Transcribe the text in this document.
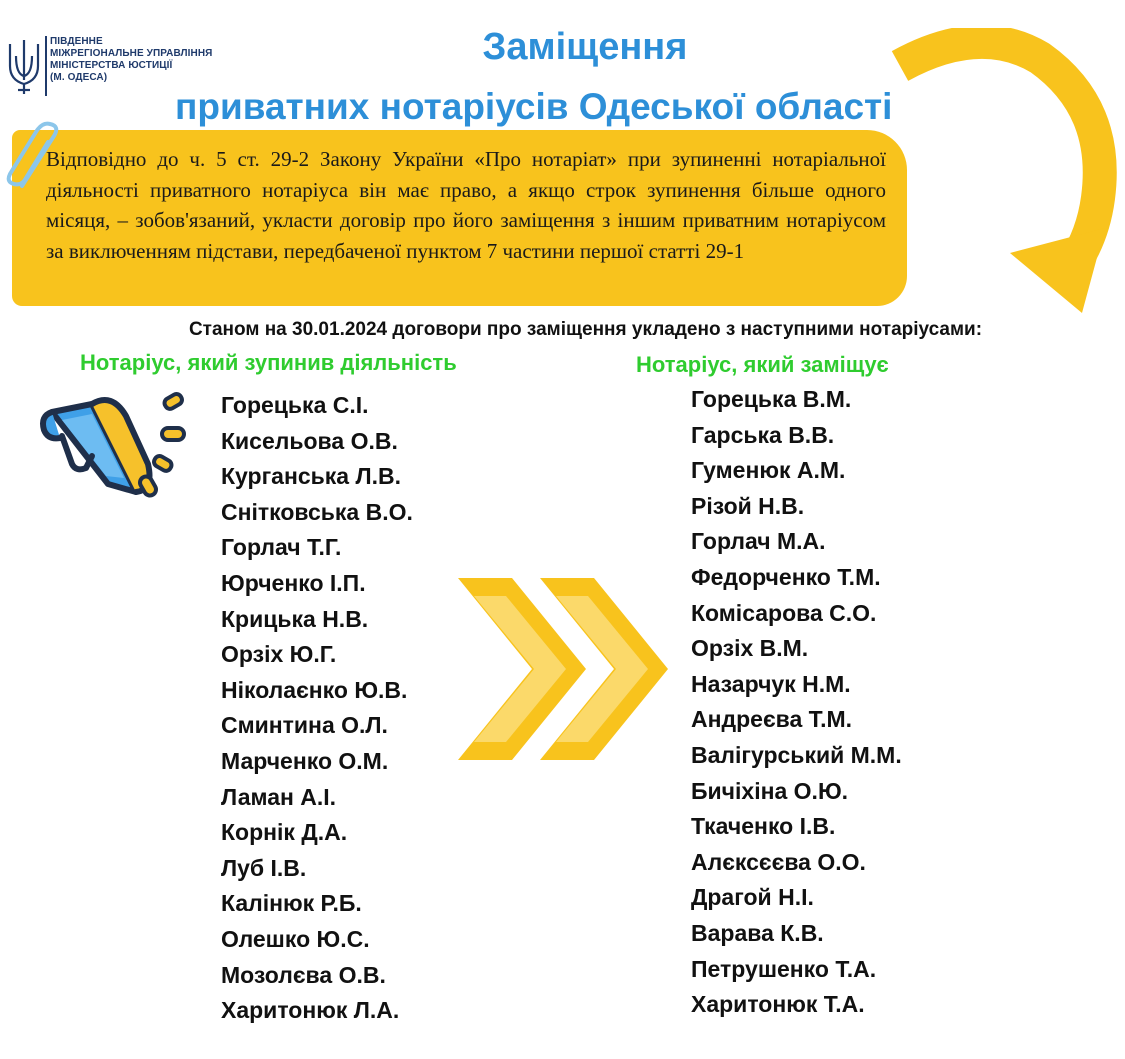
ПІВДЕННЕ
МІЖРЕГІОНАЛЬНЕ УПРАВЛІННЯ
МІНІСТЕРСТВА ЮСТИЦІЇ
(М. ОДЕСА)
Заміщення
приватних нотаріусів Одеської області
Відповідно до ч. 5 ст. 29-2 Закону України «Про нотаріат» при зупиненні нотаріальної діяльності приватного нотаріуса він має право, а якщо строк зупинення більше одного місяця, – зобов'язаний, укласти договір про його заміщення з іншим приватним нотаріусом за виключенням підстави, передбаченої пунктом 7 частини першої статті 29-1
Станом на 30.01.2024 договори про заміщення укладено з наступними нотаріусами:
Нотаріус, який зупинив діяльність	Нотаріус, який заміщує
Горецька С.І.
Кисельова О.В.
Курганська Л.В.
Снітковська В.О.
Горлач Т.Г.
Юрченко І.П.
Крицька Н.В.
Орзіх Ю.Г.
Ніколаєнко Ю.В.
Сминтина О.Л.
Марченко О.М.
Ламан А.І.
Корнік Д.А.
Луб І.В.
Калінюк Р.Б.
Олешко Ю.С.
Мозолєва О.В.
Харитонюк Л.А.
Горецька В.М.
Гарська В.В.
Гуменюк А.М.
Різой Н.В.
Горлач М.А.
Федорченко Т.М.
Комісарова С.О.
Орзіх В.М.
Назарчук Н.М.
Андреєва Т.М.
Валігурський М.М.
Бичіхіна О.Ю.
Ткаченко І.В.
Алєксєєва О.О.
Драгой Н.І.
Варава К.В.
Петрушенко Т.А.
Харитонюк Т.А.
